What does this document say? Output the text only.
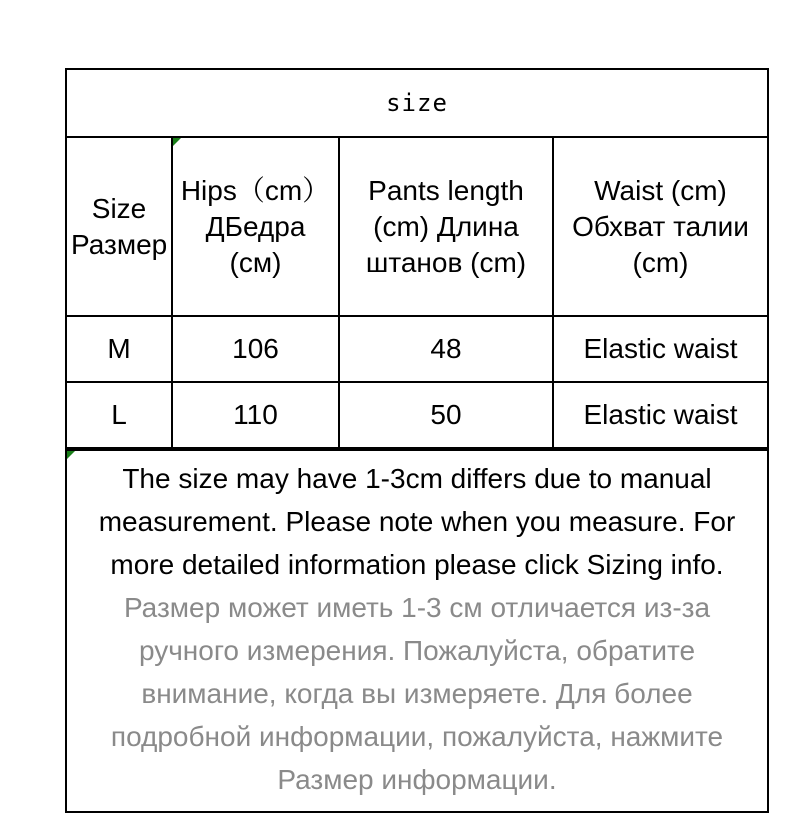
size
Size Размер	Hips（cm）ДБедра (см)	Pants length (cm) Длина штанов (cm)	Waist (cm) Обхват талии (cm)

M	106	48	Elastic waist
L	110	50	Elastic waist
The size may have 1-3cm differs due to manual measurement. Please note when you measure. For more detailed information please click Sizing info.
Размер может иметь 1-3 см отличается из-за ручного измерения. Пожалуйста, обратите внимание, когда вы измеряете. Для более подробной информации, пожалуйста, нажмите Размер информации.
